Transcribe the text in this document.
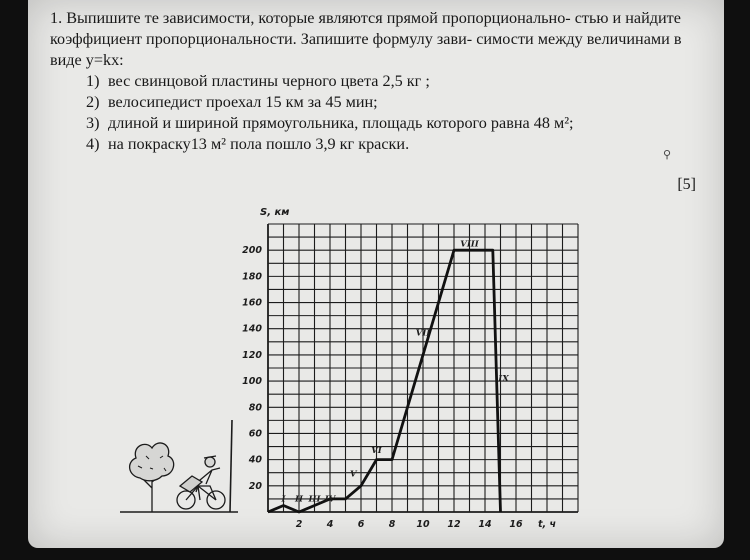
1. Выпишите те зависимости, которые являются прямой пропорционально- стью и найдите коэффициент пропорциональности. Запишите формулу зави- симости между величинами в виде y=kx:

1) вес свинцовой пластины черного цвета 2,5 кг ;
2) велосипедист проехал 15 км за 45 мин;
3) длиной и шириной прямоугольника, площадь которого равна 48 м²;
4) на покраску13 м² пола пошло 3,9 кг краски.
[5]
⚲
20
40
60
80
100
120
140
160
180
200
2	4	6	8 10 12 14 16 t, ч
I II III IV
V
VI
VII
VIII
IX
S, км
